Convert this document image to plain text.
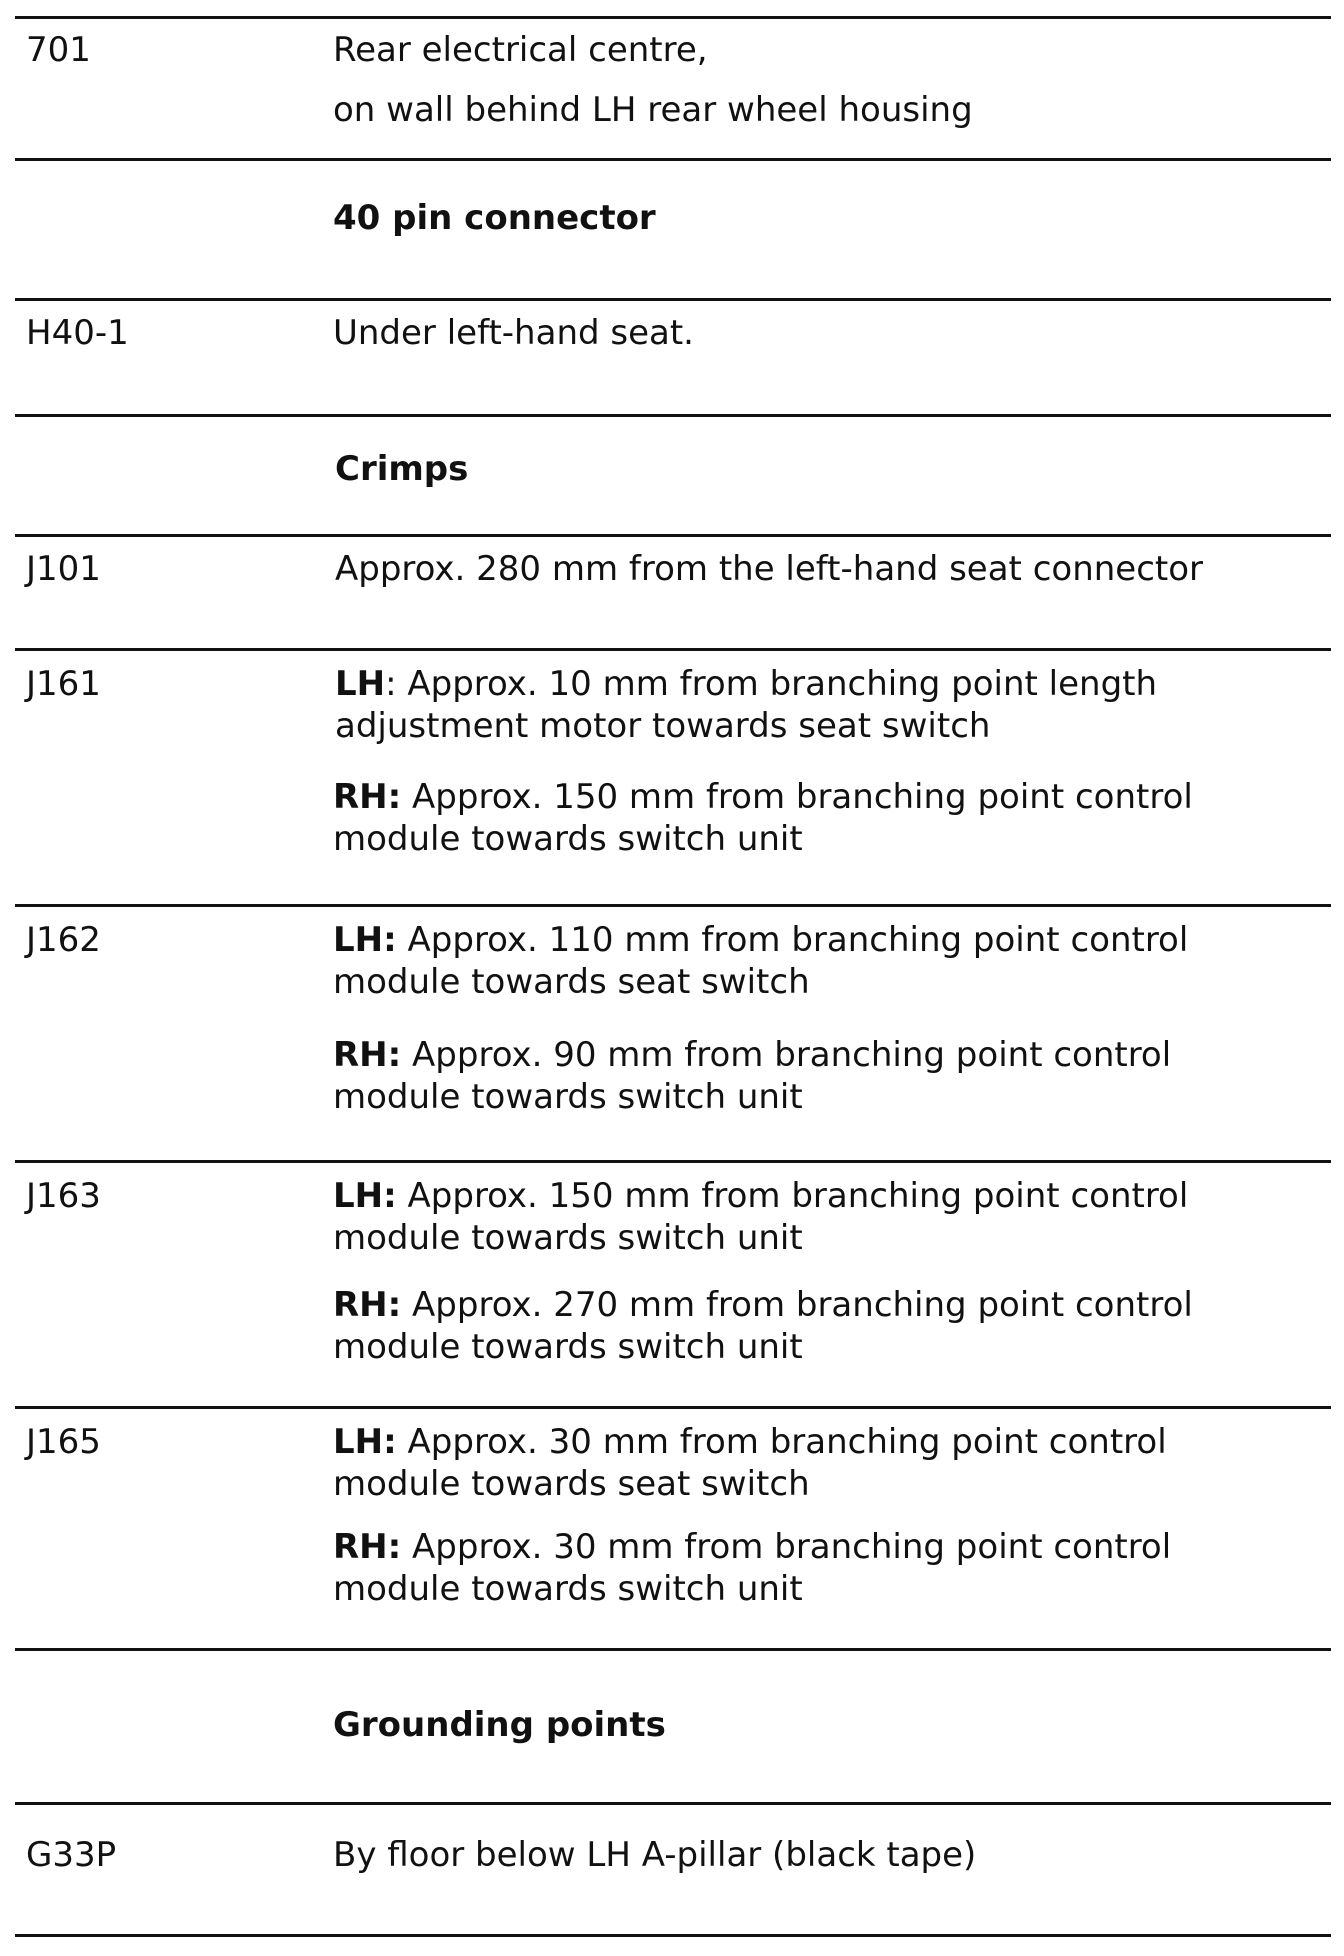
701	Rear electrical centre,
on wall behind LH rear wheel housing
40 pin connector
H40-1	Under left-hand seat.
Crimps
J101	Approx. 280 mm from the left-hand seat connector
J161	LH: Approx. 10 mm from branching point length
adjustment motor towards seat switch
RH: Approx. 150 mm from branching point control
module towards switch unit
J162	LH: Approx. 110 mm from branching point control
module towards seat switch
RH: Approx. 90 mm from branching point control
module towards switch unit
J163	LH: Approx. 150 mm from branching point control
module towards switch unit
RH: Approx. 270 mm from branching point control
module towards switch unit
J165	LH: Approx. 30 mm from branching point control
module towards seat switch
RH: Approx. 30 mm from branching point control
module towards switch unit
Grounding points
G33P	By floor below LH A-pillar (black tape)
